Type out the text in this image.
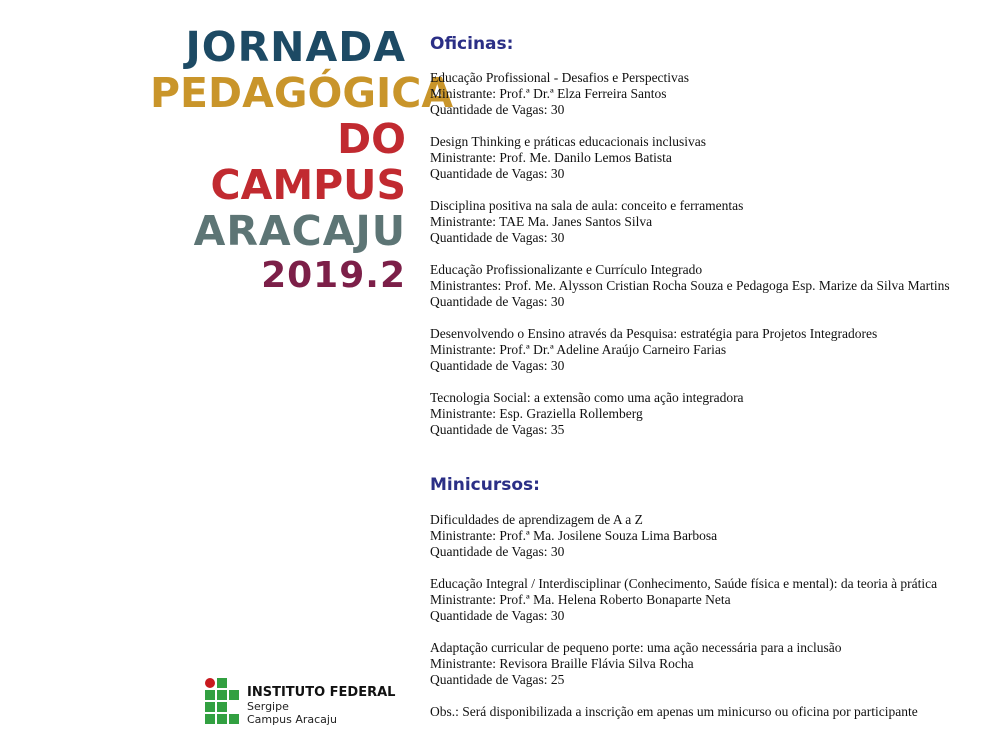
JORNADA
PEDAGÓGICA
DO CAMPUS
ARACAJU
2019.2
INSTITUTO FEDERAL
Sergipe
Campus Aracaju
Oficinas:
Educação Profissional - Desafios e Perspectivas
Ministrante: Prof.ª Dr.ª Elza Ferreira Santos
Quantidade de Vagas: 30
Design Thinking e práticas educacionais inclusivas
Ministrante: Prof. Me. Danilo Lemos Batista
Quantidade de Vagas: 30
Disciplina positiva na sala de aula: conceito e ferramentas
Ministrante: TAE Ma. Janes Santos Silva
Quantidade de Vagas: 30
Educação Profissionalizante e Currículo Integrado
Ministrantes: Prof. Me. Alysson Cristian Rocha Souza e Pedagoga Esp. Marize da Silva Martins
Quantidade de Vagas: 30
Desenvolvendo o Ensino através da Pesquisa: estratégia para Projetos Integradores
Ministrante: Prof.ª Dr.ª Adeline Araújo Carneiro Farias
Quantidade de Vagas: 30
Tecnologia Social: a extensão como uma ação integradora
Ministrante: Esp. Graziella Rollemberg
Quantidade de Vagas: 35
Minicursos:
Dificuldades de aprendizagem de A a Z
Ministrante: Prof.ª Ma. Josilene Souza Lima Barbosa
Quantidade de Vagas: 30
Educação Integral / Interdisciplinar (Conhecimento, Saúde física e mental): da teoria à prática
Ministrante: Prof.ª Ma. Helena Roberto Bonaparte Neta
Quantidade de Vagas: 30
Adaptação curricular de pequeno porte: uma ação necessária para a inclusão
Ministrante: Revisora Braille Flávia Silva Rocha
Quantidade de Vagas: 25
Obs.: Será disponibilizada a inscrição em apenas um minicurso ou oficina por participante
